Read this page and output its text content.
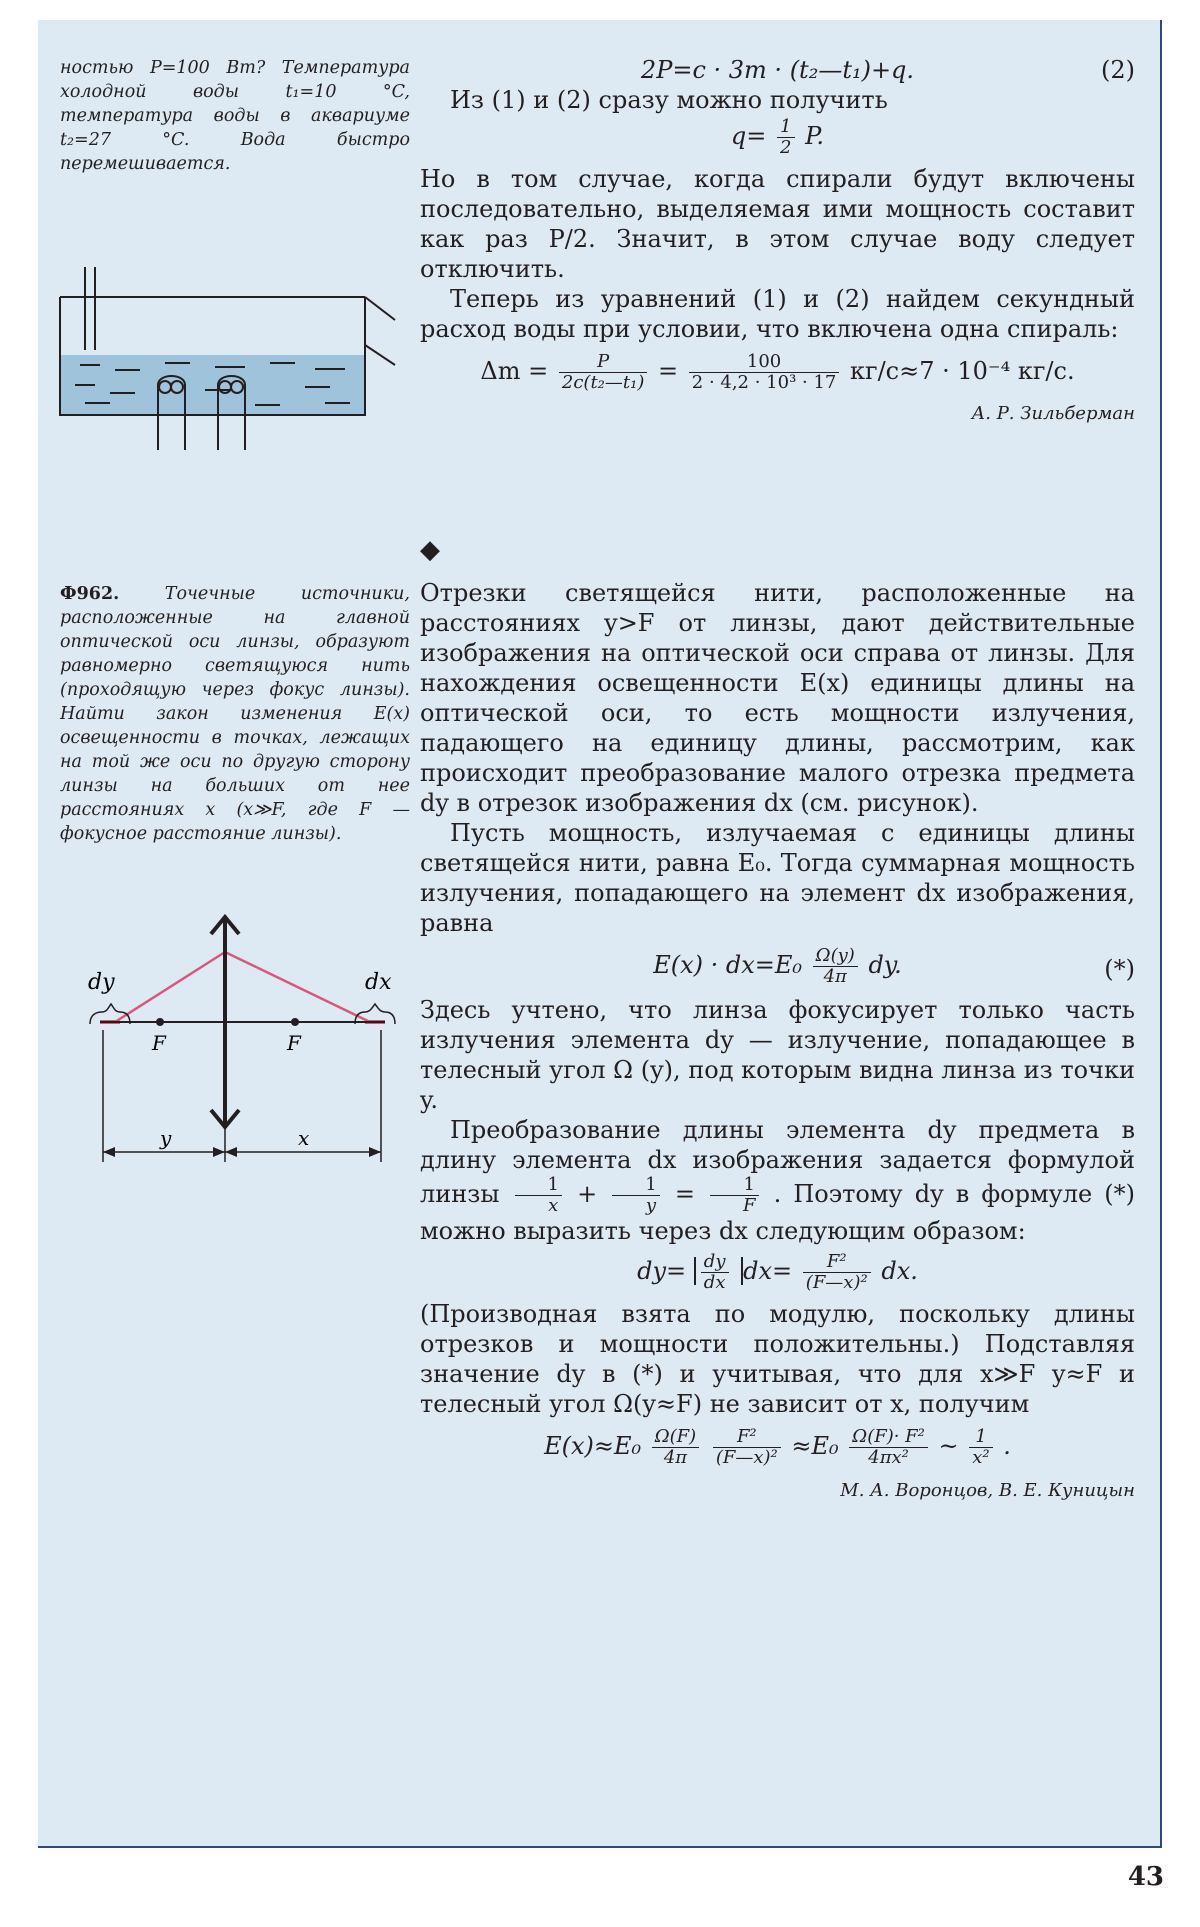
ностью P=100 Вт? Температура холодной воды t₁=10 °C, температура воды в аквариуме t₂=27 °C. Вода быстро перемешивается.
2P=c · 3m · (t₂—t₁)+q.	(2)

Из (1) и (2) сразу можно получить

$q= \frac{1}{2} P$.

Но в том случае, когда спирали будут включены последовательно, выделяемая ими мощность составит как раз P/2. Значит, в этом случае воду следует отключить.

Теперь из уравнений (1) и (2) найдем секундный расход воды при условии, что включена одна спираль:

$\Delta m = \frac{P}{\text{2c(t₂—t₁)}} = \frac{100}{\text{2 · 4,2 · 10³ · 17}} кг/с\approx 7 \cdot 10^{-4}$ кг/с.
А. Р. Зильберман
◆
Ф962.	Точечные источники, расположенные на главной оптической оси линзы, образуют равномерно светящуюся нить (проходящую через фокус линзы). Найти закон изменения E(x) освещенности в точках, лежащих на той же оси по другую сторону линзы на больших от нее расстояниях x (x≫F, где F — фокусное расстояние линзы).
dy	dx
F	F
y	x

Отрезки светящейся нити, расположенные на расстояниях y>F от линзы, дают действительные изображения на оптической оси справа от линзы. Для нахождения освещенности E(x) единицы длины на оптической оси, то есть мощности излучения, падающего на единицу длины, рассмотрим, как происходит преобразование малого отрезка предмета dy в отрезок изображения dx (см. рисунок).

Пусть мощность, излучаемая с единицы длины светящейся нити, равна E₀. Тогда суммарная мощность излучения, попадающего на элемент dx изображения, равна

$E(x) \cdot dx=E_0 \frac{\Omega(y)}{4\pi}$ dy.	(*)

Здесь учтено, что линза фокусирует только часть излучения элемента dy — излучение, попадающее в телесный угол Ω (y), под которым видна линза из точки y.

Преобразование длины элемента dy предмета в длину элемента dx изображения задается формулой линзы $\frac{1}{x} + \frac{1}{y} = \frac{1}{F}$ . Поэтому dy в формуле (*) можно выразить через dx следующим образом:

$dy= \frac{dy}{dx} dx= \frac{\text{F²}}{\text{(F—x)²}}$ dx.

(Производная взята по модулю, поскольку длины отрезков и мощности положительны.) Подставляя значение dy в (*) и учитывая, что для x≫F y≈F и телесный угол Ω(y≈F) не зависит от x, получим

$E(x)\approx E_0 \frac{\Omega(F)}{4\pi}$
$\frac{\text{F²}}{\text{(F—x)²}} \approx E_0 \frac{\text{Ω(F)· F²}}{\text{4πx²}}$ ~ $\frac{1}{\text{x²}}$ .
М. А. Воронцов, В. Е. Куницын
43
